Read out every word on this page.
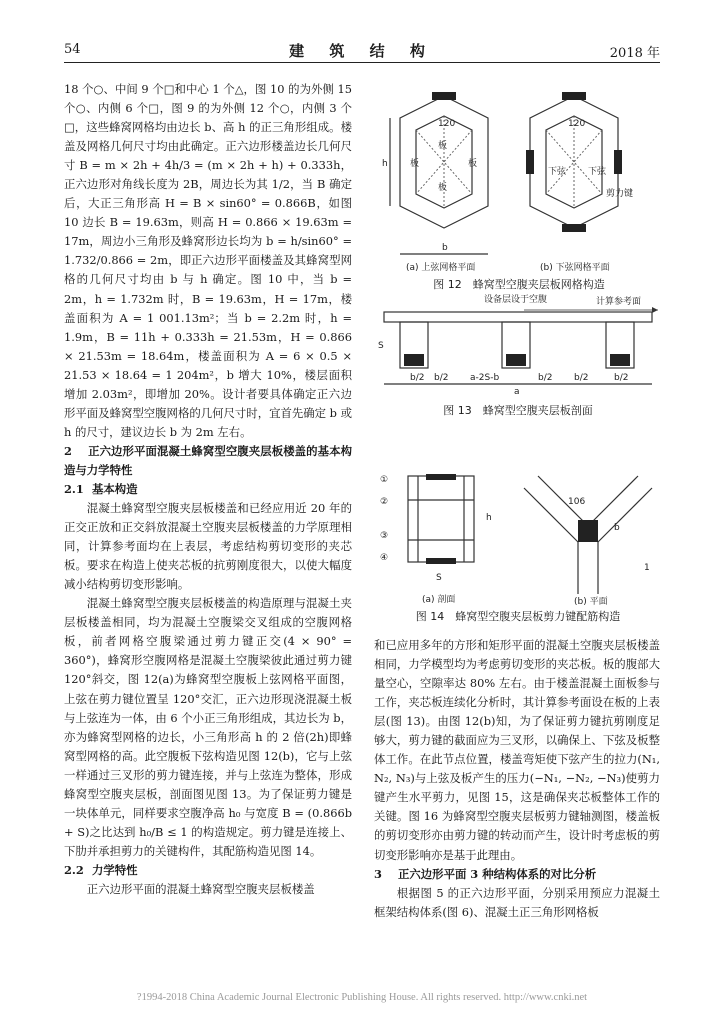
54	建 筑 结 构	2018 年

18 个○、中间 9 个□和中心 1 个△，图 10 的为外侧 15 个○、内侧 6 个□，图 9 的为外侧 12 个○，内侧 3 个□，这些蜂窝网格均由边长 b、高 h 的正三角形组成。楼盖及网格几何尺寸均由此确定。正六边形楼盖边长几何尺寸 B = m × 2h + 4h/3 = (m × 2h + h) + 0.333h，正六边形对角线长度为 2B，周边长为其 1/2，当 B 确定后，大正三角形高 H = B × sin60° = 0.866B，如图 10 边长 B = 19.63m，则高 H = 0.866 × 19.63m = 17m，周边小三角形及蜂窝形边长均为 b = h/sin60° = 1.732/0.866 = 2m，即正六边形平面楼盖及其蜂窝型网格的几何尺寸均由 b 与 h 确定。图 10 中，当 b = 2m，h = 1.732m 时，B = 19.63m，H = 17m，楼盖面积为 A = 1 001.13m²；当 b = 2.2m 时，h = 1.9m，B = 11h + 0.333h = 21.53m，H = 0.866 × 21.53m = 18.64m，楼盖面积为 A = 6 × 0.5 × 21.53 × 18.64 = 1 204m²，b 增大 10%，楼层面积增加 2.03m²，即增加 20%。设计者要具体确定正六边形平面及蜂窝型空腹网格的几何尺寸时，宜首先确定 b 或 h 的尺寸，建议边长 b 为 2m 左右。

2 正六边形平面混凝土蜂窝型空腹夹层板楼盖的基本构造与力学特性

2.1 基本构造

混凝土蜂窝型空腹夹层板楼盖和已经应用近 20 年的正交正放和正交斜放混凝土空腹夹层板楼盖的力学原理相同，计算参考面均在上表层，考虑结构剪切变形的夹芯板。要求在构造上使夹芯板的抗剪刚度很大，以使大幅度减小结构剪切变形影响。

混凝土蜂窝型空腹夹层板楼盖的构造原理与混凝土夹层板楼盖相同，均为混凝土空腹梁交叉组成的空腹网格板，前者网格空腹梁通过剪力键正交(4 × 90° = 360°)，蜂窝形空腹网格是混凝土空腹梁彼此通过剪力键 120°斜交，图 12(a)为蜂窝型空腹板上弦网格平面图，上弦在剪力键位置呈 120°交汇，正六边形现浇混凝土板与上弦连为一体，由 6 个小正三角形组成，其边长为 b，亦为蜂窝型网格的边长，小三角形高 h 的 2 倍(2h)即蜂窝型网格的高。此空腹板下弦构造见图 12(b)，它与上弦一样通过三叉形的剪力键连接，并与上弦连为整体，形成蜂窝型空腹夹层板，剖面图见图 13。为了保证剪力键是一块体单元，同样要求空腹净高 h₀ 与宽度 B = (0.866b + S)之比达到 h₀/B ≤ 1 的构造规定。剪力键是连接上、下肋并承担剪力的关键构件，其配筋构造见图 14。

2.2 力学特性

正六边形平面的混凝土蜂窝型空腹夹层板楼盖

和已应用多年的方形和矩形平面的混凝土空腹夹层板楼盖相同，力学模型均为考虑剪切变形的夹芯板。板的腹部大量空心，空隙率达 80% 左右。由于楼盖混凝土面板参与工作，夹芯板连续化分析时，其计算参考面设在板的上表层(图 13)。由图 12(b)知，为了保证剪力键抗剪刚度足够大，剪力键的截面应为三叉形，以确保上、下弦及板整体工作。在此节点位置，楼盖弯矩使下弦产生的拉力(N₁, N₂, N₃)与上弦及板产生的压力(−N₁, −N₂, −N₃)使剪力键产生水平剪力，见图 15，这是确保夹芯板整体工作的关键。图 16 为蜂窝型空腹夹层板剪力键轴测图，楼盖板的剪切变形亦由剪力键的转动而产生，设计时考虑板的剪切变形影响亦是基于此理由。

3 正六边形平面 3 种结构体系的对比分析

根据图 5 的正六边形平面，分别采用预应力混凝土框架结构体系(图 6)、混凝土正三角形网格板

120	120
板	板
板
板
下弦 下弦
剪力键
h
b
(a) 上弦网格平面	(b) 下弦网格平面
图 12　蜂窝型空腹夹层板网格构造
设备层设于空腹	计算参考面
S
a
b/2 b/2 a-2S-b	b/2 b/2	b/2
图 13　蜂窝型空腹夹层板剖面
①
②
③
④
h
S
106
b
1
(a) 剖面	(b) 平面
图 14　蜂窝型空腹夹层板剪力键配筋构造
?1994-2018 China Academic Journal Electronic Publishing House. All rights reserved. http://www.cnki.net
